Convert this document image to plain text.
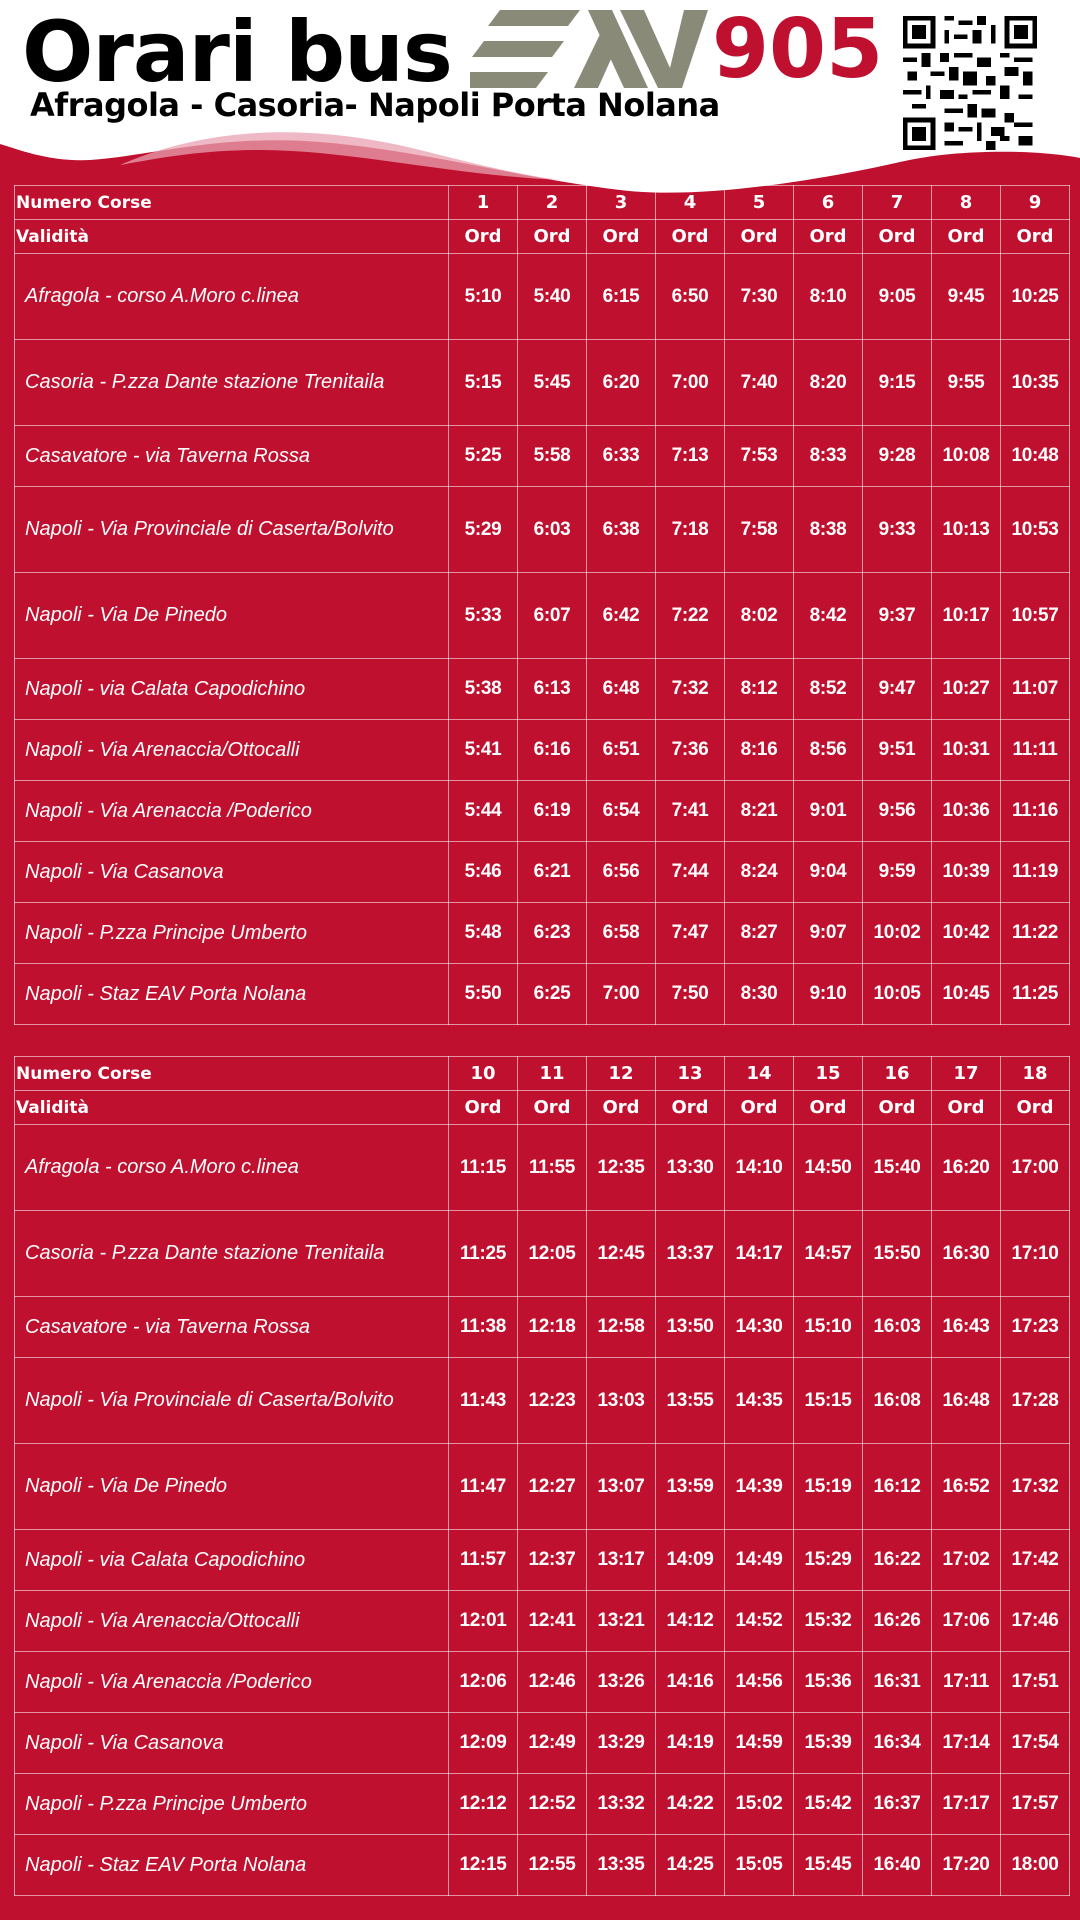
Orari bus	905
Afragola - Casoria- Napoli Porta Nolana
Numero Corse	1	2	3	4	5	6	7	8	9
Validità	Ord	Ord	Ord	Ord	Ord	Ord	Ord	Ord	Ord
Afragola - corso A.Moro c.linea	5:10	5:40	6:15	6:50	7:30	8:10	9:05	9:45	10:25
Casoria - P.zza Dante stazione Trenitaila	5:15	5:45	6:20	7:00	7:40	8:20	9:15	9:55	10:35
Casavatore - via Taverna Rossa	5:25	5:58	6:33	7:13	7:53	8:33	9:28	10:08	10:48
Napoli - Via Provinciale di Caserta/Bolvito	5:29	6:03	6:38	7:18	7:58	8:38	9:33	10:13	10:53
Napoli - Via De Pinedo	5:33	6:07	6:42	7:22	8:02	8:42	9:37	10:17	10:57
Napoli - via Calata Capodichino	5:38	6:13	6:48	7:32	8:12	8:52	9:47	10:27	11:07
Napoli - Via Arenaccia/Ottocalli	5:41	6:16	6:51	7:36	8:16	8:56	9:51	10:31	11:11
Napoli - Via Arenaccia /Poderico	5:44	6:19	6:54	7:41	8:21	9:01	9:56	10:36	11:16
Napoli - Via Casanova	5:46	6:21	6:56	7:44	8:24	9:04	9:59	10:39	11:19
Napoli - P.zza Principe Umberto	5:48	6:23	6:58	7:47	8:27	9:07	10:02	10:42	11:22
Napoli - Staz EAV Porta Nolana	5:50	6:25	7:00	7:50	8:30	9:10	10:05	10:45	11:25
Numero Corse	10	11	12	13	14	15	16	17	18
Validità	Ord	Ord	Ord	Ord	Ord	Ord	Ord	Ord	Ord
Afragola - corso A.Moro c.linea	11:15	11:55	12:35	13:30	14:10	14:50	15:40	16:20	17:00
Casoria - P.zza Dante stazione Trenitaila	11:25	12:05	12:45	13:37	14:17	14:57	15:50	16:30	17:10
Casavatore - via Taverna Rossa	11:38	12:18	12:58	13:50	14:30	15:10	16:03	16:43	17:23
Napoli - Via Provinciale di Caserta/Bolvito	11:43	12:23	13:03	13:55	14:35	15:15	16:08	16:48	17:28
Napoli - Via De Pinedo	11:47	12:27	13:07	13:59	14:39	15:19	16:12	16:52	17:32
Napoli - via Calata Capodichino	11:57	12:37	13:17	14:09	14:49	15:29	16:22	17:02	17:42
Napoli - Via Arenaccia/Ottocalli	12:01	12:41	13:21	14:12	14:52	15:32	16:26	17:06	17:46
Napoli - Via Arenaccia /Poderico	12:06	12:46	13:26	14:16	14:56	15:36	16:31	17:11	17:51
Napoli - Via Casanova	12:09	12:49	13:29	14:19	14:59	15:39	16:34	17:14	17:54
Napoli - P.zza Principe Umberto	12:12	12:52	13:32	14:22	15:02	15:42	16:37	17:17	17:57
Napoli - Staz EAV Porta Nolana	12:15	12:55	13:35	14:25	15:05	15:45	16:40	17:20	18:00
